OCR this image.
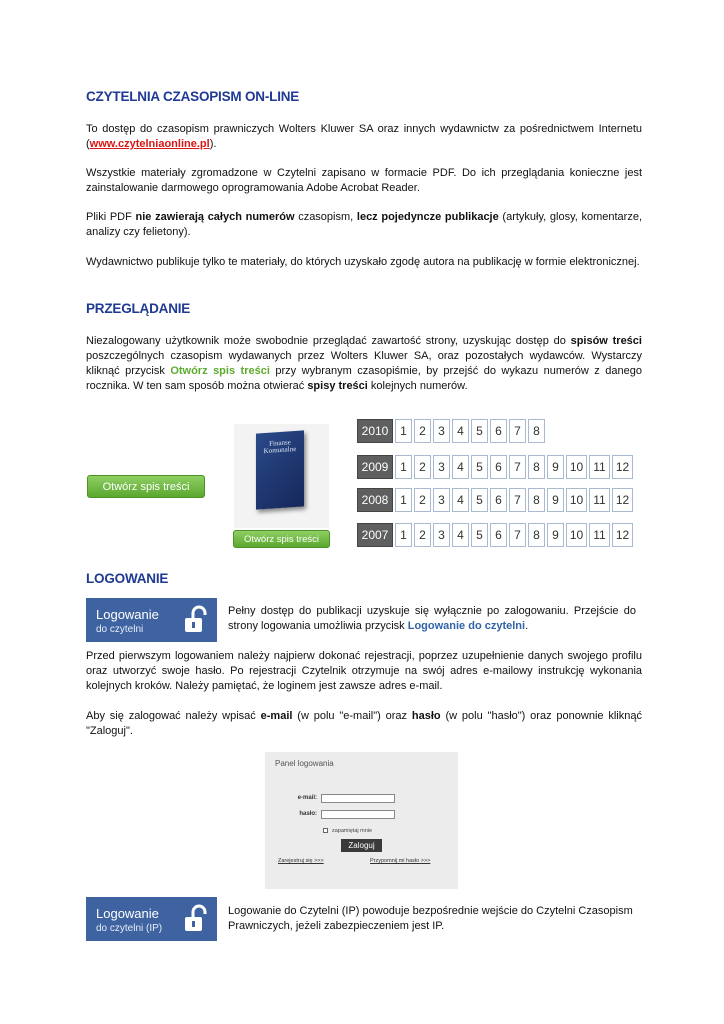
CZYTELNIA CZASOPISM ON-LINE

To dostęp do czasopism prawniczych Wolters Kluwer SA oraz innych wydawnictw za pośrednictwem Internetu (www.czytelniaonline.pl).

Wszystkie materiały zgromadzone w Czytelni zapisano w formacie PDF. Do ich przeglądania konieczne jest zainstalowanie darmowego oprogramowania Adobe Acrobat Reader.

Pliki PDF nie zawierają całych numerów czasopism, lecz pojedyncze publikacje (artykuły, glosy, komentarze, analizy czy felietony).

Wydawnictwo publikuje tylko te materiały, do których uzyskało zgodę autora na publikację w formie elektronicznej.

PRZEGLĄDANIE

Niezalogowany użytkownik może swobodnie przeglądać zawartość strony, uzyskując dostęp do spisów treści poszczególnych czasopism wydawanych przez Wolters Kluwer SA, oraz pozostałych wydawców. Wystarczy kliknąć przycisk Otwórz spis treści przy wybranym czasopiśmie, by przejść do wykazu numerów z danego rocznika. W ten sam sposób można otwierać spisy treści kolejnych numerów.

Otwórz spis treści
Finanse Komunalne
Otwórz spis treści
2010 1	2	3	4	5	6	7	8
2009 1	2	3	4	5	6	7	8	9 10 11 12
2008 1	2	3	4	5	6	7	8	9 10 11 12
2007 1	2	3	4	5	6	7	8	9 10 11 12
LOGOWANIE
Logowanie
do czytelni

Pełny dostęp do publikacji uzyskuje się wyłącznie po zalogowaniu. Przejście do strony logowania umożliwia przycisk Logowanie do czytelni.

Przed pierwszym logowaniem należy najpierw dokonać rejestracji, poprzez uzupełnienie danych swojego profilu oraz utworzyć swoje hasło. Po rejestracji Czytelnik otrzymuje na swój adres e-mailowy instrukcję wykonania kolejnych kroków. Należy pamiętać, że loginem jest zawsze adres e-mail.

Aby się zalogować należy wpisać e-mail (w polu "e-mail") oraz hasło (w polu "hasło") oraz ponownie kliknąć "Zaloguj".

Panel logowania
e-mail:
hasło:
zapamiętaj mnie
Zaloguj
Zarejestruj się >>>	Przypomnij mi hasło >>>
Logowanie
do czytelni (IP)

Logowanie do Czytelni (IP) powoduje bezpośrednie wejście do Czytelni Czasopism Prawniczych, jeżeli zabezpieczeniem jest IP.
